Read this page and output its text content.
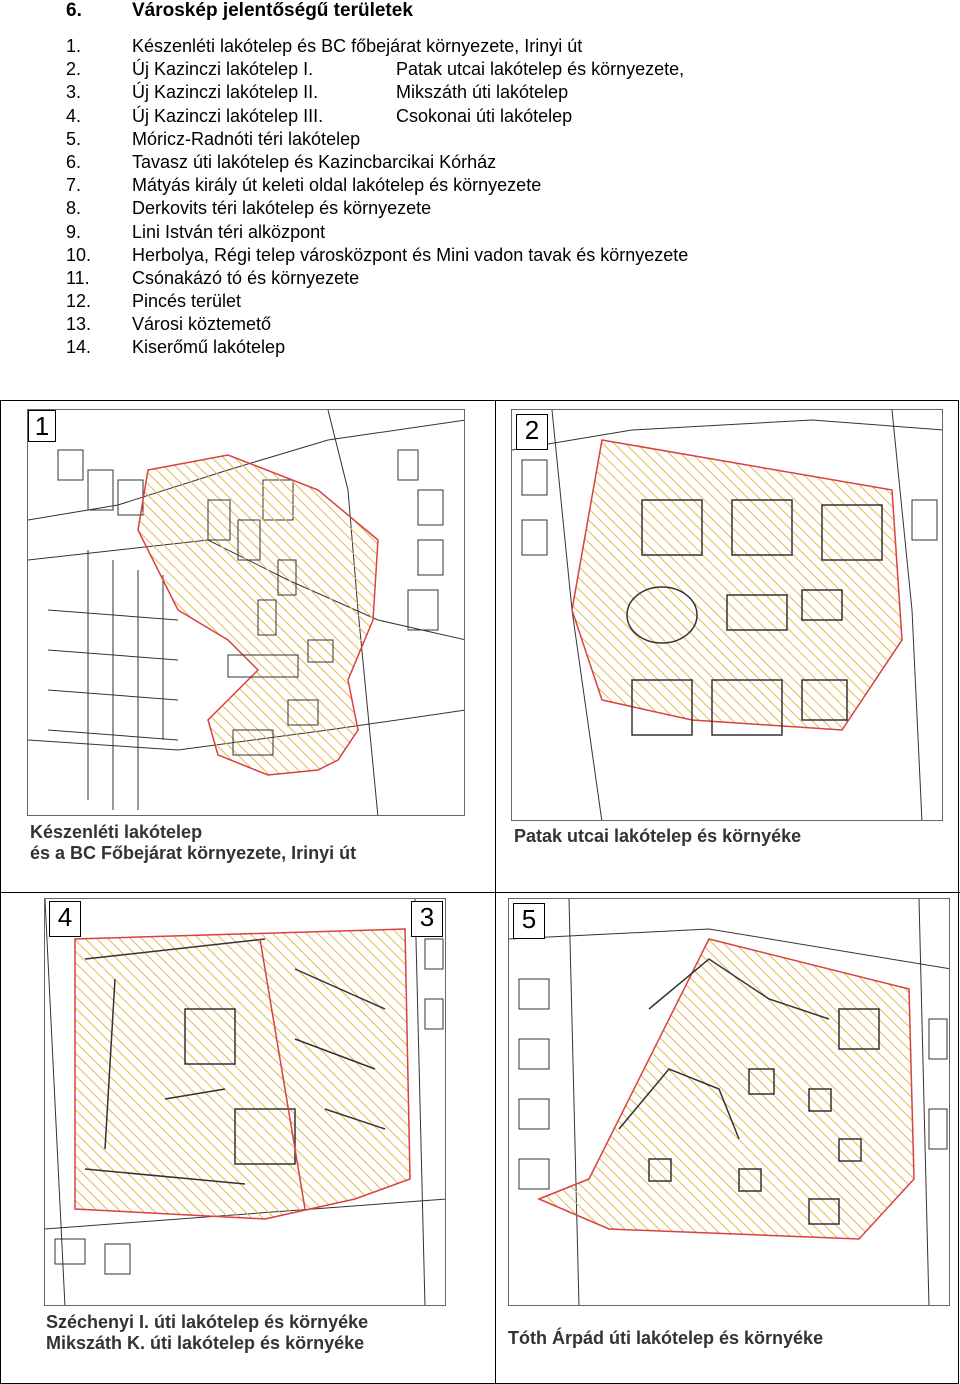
6.	Városkép jelentőségű területek
1.	Készenléti lakótelep és BC főbejárat környezete, Irinyi út
2.	Új Kazinczi lakótelep I.	Patak utcai lakótelep és környezete,
3.	Új Kazinczi lakótelep II.	Mikszáth úti lakótelep
4.	Új Kazinczi lakótelep III.	Csokonai úti lakótelep
5.	Móricz-Radnóti téri lakótelep
6.	Tavasz úti lakótelep és Kazincbarcikai Kórház
7.	Mátyás király út keleti oldal lakótelep és környezete
8.	Derkovits téri lakótelep és környezete
9.	Lini István téri alközpont
10. Herbolya, Régi telep városközpont és Mini vadon tavak és környezete
11. Csónakázó tó és környezete
12. Pincés terület
13. Városi köztemető
14. Kiserőmű lakótelep
1
Készenléti lakótelep
és a BC Főbejárat környezete, Irinyi út
2
Patak utcai lakótelep és környéke
4	3
Széchenyi I. úti lakótelep és környéke
Mikszáth K. úti lakótelep és környéke
5
Tóth Árpád úti lakótelep és környéke
